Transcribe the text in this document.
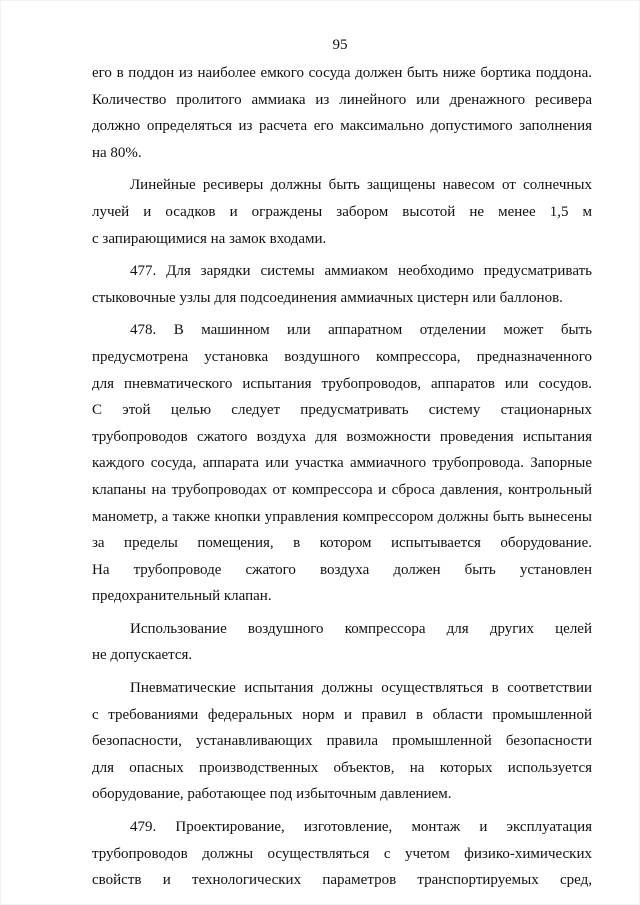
95
его в поддон из наиболее емкого сосуда должен быть ниже бортика поддона.
Количество пролитого аммиака из линейного или дренажного ресивера
должно определяться из расчета его максимально допустимого заполнения
на 80%.
Линейные ресиверы должны быть защищены навесом от солнечных
лучей и осадков и ограждены забором высотой не менее 1,5 м
с запирающимися на замок входами.
477. Для зарядки системы аммиаком необходимо предусматривать
стыковочные узлы для подсоединения аммиачных цистерн или баллонов.
478. В машинном или аппаратном отделении может быть
предусмотрена установка воздушного компрессора, предназначенного
для пневматического испытания трубопроводов, аппаратов или сосудов.
С этой целью следует предусматривать систему стационарных
трубопроводов сжатого воздуха для возможности проведения испытания
каждого сосуда, аппарата или участка аммиачного трубопровода. Запорные
клапаны на трубопроводах от компрессора и сброса давления, контрольный
манометр, а также кнопки управления компрессором должны быть вынесены
за пределы помещения, в котором испытывается оборудование.
На трубопроводе сжатого воздуха должен быть установлен
предохранительный клапан.
Использование воздушного компрессора для других целей
не допускается.
Пневматические испытания должны осуществляться в соответствии
с требованиями федеральных норм и правил в области промышленной
безопасности, устанавливающих правила промышленной безопасности
для опасных производственных объектов, на которых используется
оборудование, работающее под избыточным давлением.
479. Проектирование, изготовление, монтаж и эксплуатация
трубопроводов должны осуществляться с учетом физико-химических
свойств и технологических параметров транспортируемых сред,
